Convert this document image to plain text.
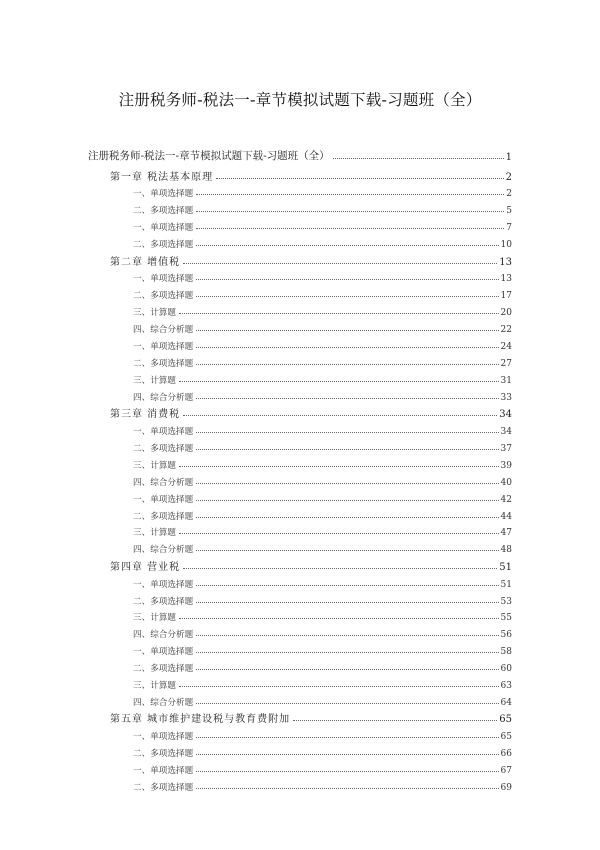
注册税务师-税法一-章节模拟试题下载-习题班（全）
注册税务师-税法一-章节模拟试题下载-习题班（全）	1
第一章 税法基本原理	2
一、单项选择题	2
二、多项选择题	5
一、单项选择题	7
二、多项选择题	10
第二章 增值税	13
一、单项选择题	13
二、多项选择题	17
三、计算题	20
四、综合分析题	22
一、单项选择题	24
二、多项选择题	27
三、计算题	31
四、综合分析题	33
第三章 消费税	34
一、单项选择题	34
二、多项选择题	37
三、计算题	39
四、综合分析题	40
一、单项选择题	42
二、多项选择题	44
三、计算题	47
四、综合分析题	48
第四章 营业税	51
一、单项选择题	51
二、多项选择题	53
三、计算题	55
四、综合分析题	56
一、单项选择题	58
二、多项选择题	60
三、计算题	63
四、综合分析题	64
第五章 城市维护建设税与教育费附加	65
一、单项选择题	65
二、多项选择题	66
一、单项选择题	67
二、多项选择题	69
